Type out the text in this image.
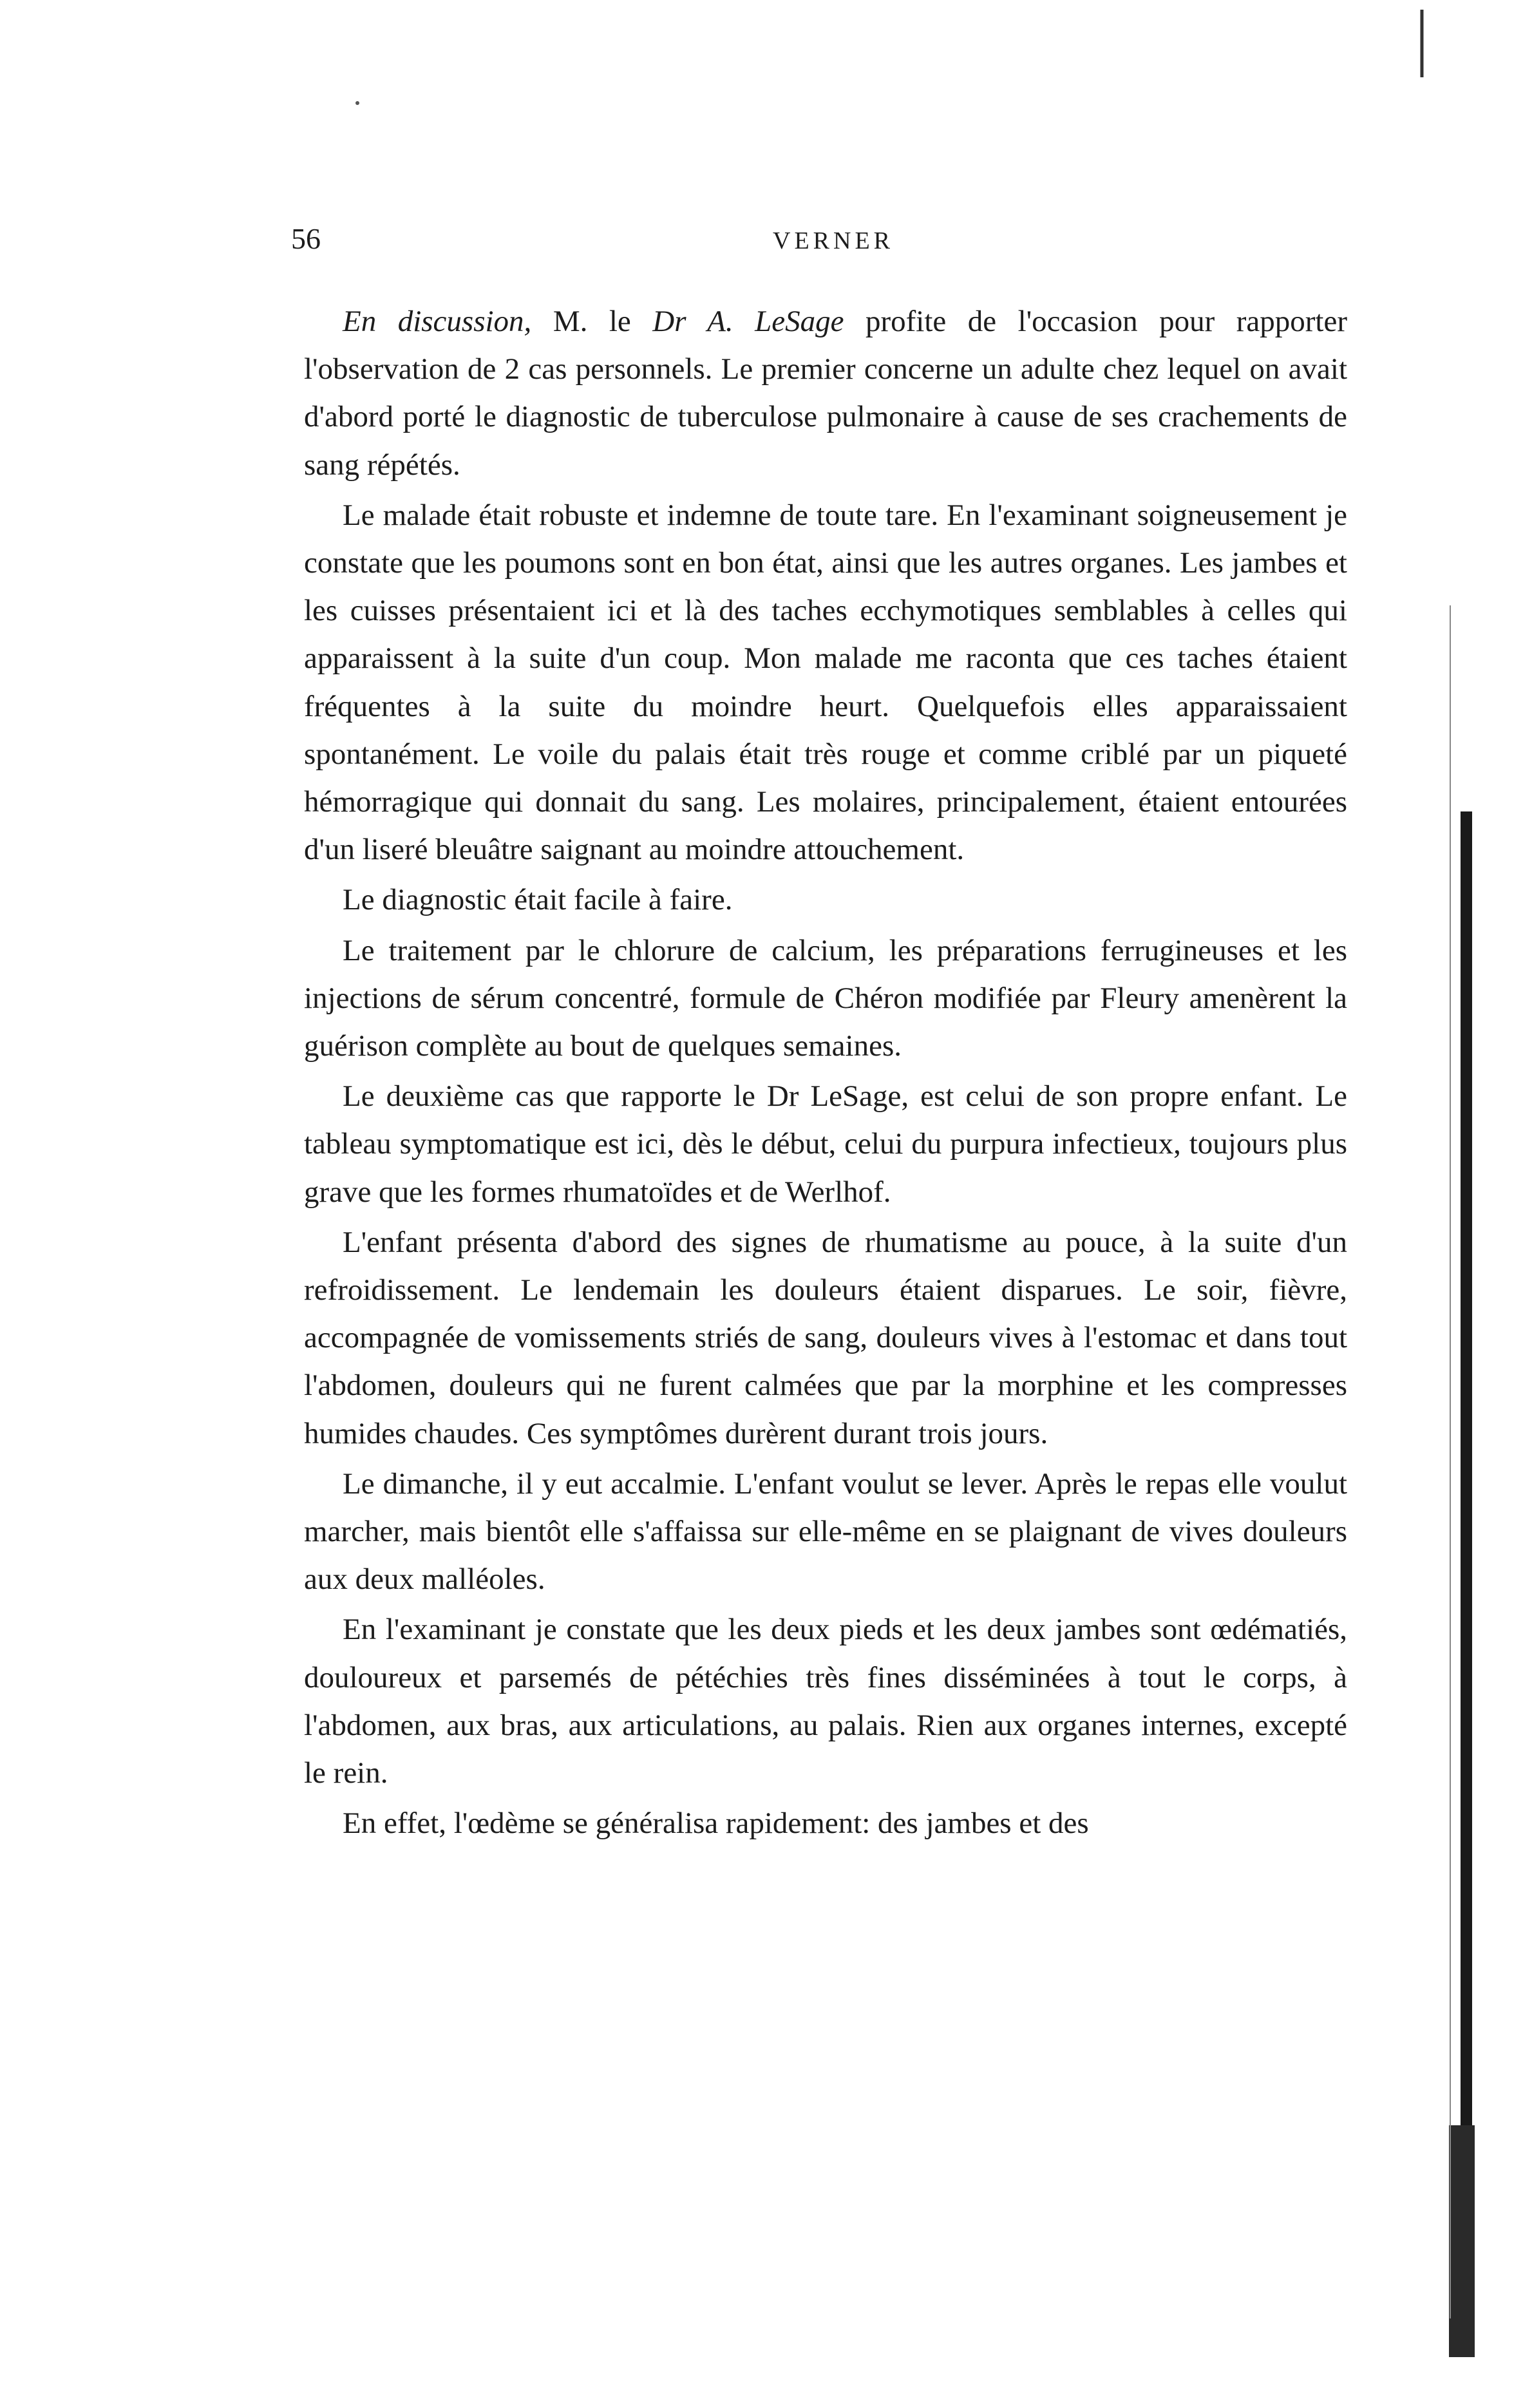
56	VERNER

En discussion, M. le Dr A. LeSage profite de l'occasion pour rapporter l'observation de 2 cas personnels. Le premier concerne un adulte chez lequel on avait d'abord porté le diagnostic de tuberculose pulmonaire à cause de ses crachements de sang répétés.

Le malade était robuste et indemne de toute tare. En l'examinant soigneusement je constate que les poumons sont en bon état, ainsi que les autres organes. Les jambes et les cuisses présentaient ici et là des taches ecchymotiques semblables à celles qui apparaissent à la suite d'un coup. Mon malade me raconta que ces taches étaient fréquentes à la suite du moindre heurt. Quelquefois elles apparaissaient spontanément. Le voile du palais était très rouge et comme criblé par un piqueté hémorragique qui donnait du sang. Les molaires, principalement, étaient entourées d'un liseré bleuâtre saignant au moindre attouchement.

Le diagnostic était facile à faire.

Le traitement par le chlorure de calcium, les préparations ferrugineuses et les injections de sérum concentré, formule de Chéron modifiée par Fleury amenèrent la guérison complète au bout de quelques semaines.

Le deuxième cas que rapporte le Dr LeSage, est celui de son propre enfant. Le tableau symptomatique est ici, dès le début, celui du purpura infectieux, toujours plus grave que les formes rhumatoïdes et de Werlhof.

L'enfant présenta d'abord des signes de rhumatisme au pouce, à la suite d'un refroidissement. Le lendemain les douleurs étaient disparues. Le soir, fièvre, accompagnée de vomissements striés de sang, douleurs vives à l'estomac et dans tout l'abdomen, douleurs qui ne furent calmées que par la morphine et les compresses humides chaudes. Ces symptômes durèrent durant trois jours.

Le dimanche, il y eut accalmie. L'enfant voulut se lever. Après le repas elle voulut marcher, mais bientôt elle s'affaissa sur elle-même en se plaignant de vives douleurs aux deux malléoles.

En l'examinant je constate que les deux pieds et les deux jambes sont œdématiés, douloureux et parsemés de pétéchies très fines disséminées à tout le corps, à l'abdomen, aux bras, aux articulations, au palais. Rien aux organes internes, excepté le rein.

En effet, l'œdème se généralisa rapidement: des jambes et des
